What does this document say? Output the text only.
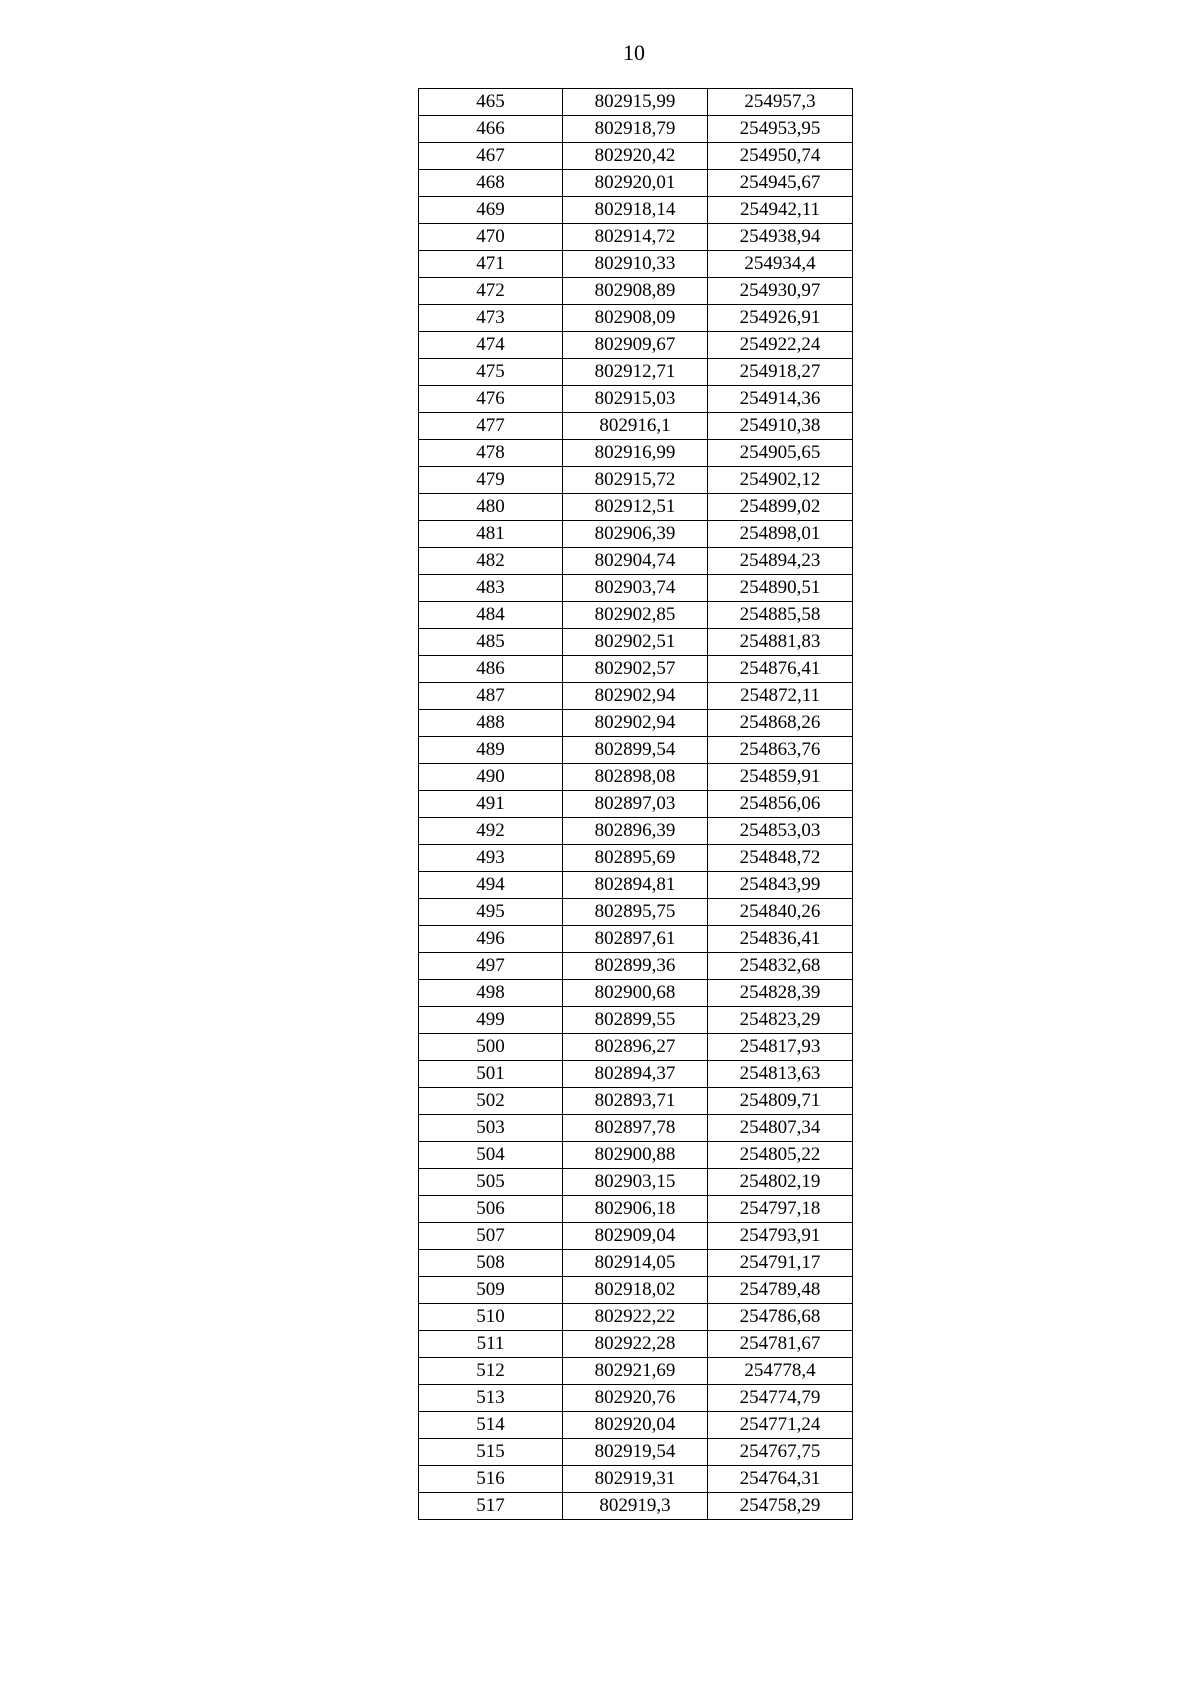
10
465	802915,99	254957,3
466	802918,79	254953,95
467	802920,42	254950,74
468	802920,01	254945,67
469	802918,14	254942,11
470	802914,72	254938,94
471	802910,33	254934,4
472	802908,89	254930,97
473	802908,09	254926,91
474	802909,67	254922,24
475	802912,71	254918,27
476	802915,03	254914,36
477	802916,1	254910,38
478	802916,99	254905,65
479	802915,72	254902,12
480	802912,51	254899,02
481	802906,39	254898,01
482	802904,74	254894,23
483	802903,74	254890,51
484	802902,85	254885,58
485	802902,51	254881,83
486	802902,57	254876,41
487	802902,94	254872,11
488	802902,94	254868,26
489	802899,54	254863,76
490	802898,08	254859,91
491	802897,03	254856,06
492	802896,39	254853,03
493	802895,69	254848,72
494	802894,81	254843,99
495	802895,75	254840,26
496	802897,61	254836,41
497	802899,36	254832,68
498	802900,68	254828,39
499	802899,55	254823,29
500	802896,27	254817,93
501	802894,37	254813,63
502	802893,71	254809,71
503	802897,78	254807,34
504	802900,88	254805,22
505	802903,15	254802,19
506	802906,18	254797,18
507	802909,04	254793,91
508	802914,05	254791,17
509	802918,02	254789,48
510	802922,22	254786,68
511	802922,28	254781,67
512	802921,69	254778,4
513	802920,76	254774,79
514	802920,04	254771,24
515	802919,54	254767,75
516	802919,31	254764,31
517	802919,3	254758,29
